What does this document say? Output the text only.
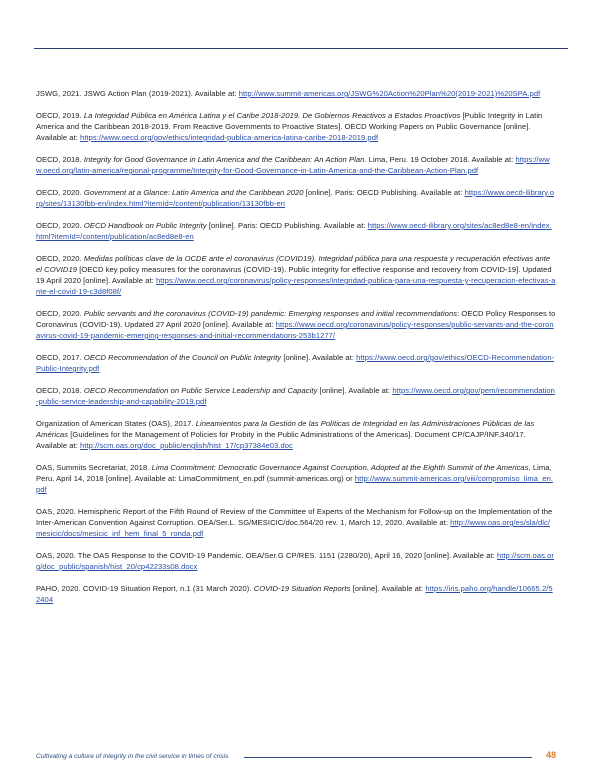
JSWG, 2021. JSWG Action Plan (2019-2021). Available at: http://www.summit-americas.org/JSWG%20Action%20Plan%20(2019-2021)%20SPA.pdf

OECD, 2019. La Integridad Pública en América Latina y el Caribe 2018-2019. De Gobiernos Reactivos a Estados Proactivos [Public Integrity in Latin America and the Caribbean 2018-2019. From Reactive Governments to Proactive States]. OECD Working Papers on Public Governance [online]. Available at: https://www.oecd.org/gov/ethics/integridad-publica-america-latina-caribe-2018-2019.pdf

OECD, 2018. Integrity for Good Governance in Latin America and the Caribbean: An Action Plan. Lima, Peru. 19 October 2018. Available at: https://www.oecd.org/latin-america/regional-programme/Integrity-for-Good-Governance-in-Latin-America-and-the-Caribbean-Action-Plan.pdf

OECD, 2020. Government at a Glance: Latin America and the Caribbean 2020 [online]. Paris: OECD Publishing. Available at: https://www.oecd-ilibrary.org/sites/13130fbb-en/index.html?itemId=/content/publication/13130fbb-en

OECD, 2020. OECD Handbook on Public Integrity [online]. Paris: OECD Publishing. Available at: https://www.oecd-ilibrary.org/sites/ac8ed8e8-en/index.html?itemId=/content/publication/ac8ed8e8-en

OECD, 2020. Medidas políticas clave de la OCDE ante el coronavirus (COVID19). Integridad pública para una respuesta y recuperación efectivas ante el COVID19 [OECD key policy measures for the coronavirus (COVID-19). Public integrity for effective response and recovery from COVID-19]. Updated 19 April 2020 [online]. Available at: https://www.oecd.org/coronavirus/policy-responses/integridad-publica-para-una-respuesta-y-recuperacion-efectivas-ante-el-covid-19-c3d8f08f/

OECD, 2020. Public servants and the coronavirus (COVID-19) pandemic: Emerging responses and initial recommendations: OECD Policy Responses to Coronavirus (COVID-19). Updated 27 April 2020 [online]. Available at: https://www.oecd.org/coronavirus/policy-responses/public-servants-and-the-coronavirus-covid-19-pandemic-emerging-responses-and-initial-recommendations-253b1277/

OECD, 2017. OECD Recommendation of the Council on Public Integrity [online]. Available at: https://www.oecd.org/gov/ethics/OECD-Recommendation-Public-Integrity.pdf

OECD, 2018. OECD Recommendation on Public Service Leadership and Capacity [online]. Available at: https://www.oecd.org/gov/pem/recommendation-public-service-leadership-and-capability-2019.pdf

Organization of American States (OAS), 2017. Lineamientos para la Gestión de las Políticas de Integridad en las Administraciones Públicas de las Américas [Guidelines for the Management of Policies for Probity in the Public Administrations of the Americas]. Document CP/CAJP/INF.340/17. Available at: http://scm.oas.org/doc_public/english/hist_17/cp37384e03.doc

OAS, Summits Secretariat, 2018. Lima Commitment: Democratic Governance Against Corruption. Adopted at the Eighth Summit of the Americas, Lima, Peru. April 14, 2018 [online]. Available at: LimaCommitment_en.pdf (summit-americas.org) or http://www.summit-americas.org/viii/compromiso_lima_en.pdf

OAS, 2020. Hemispheric Report of the Fifth Round of Review of the Committee of Experts of the Mechanism for Follow-up on the Implementation of the Inter-American Convention Against Corruption. OEA/Ser.L. SG/MESICIC/doc.564/20 rev. 1, March 12, 2020. Available at: http://www.oas.org/es/sla/dlc/mesicic/docs/mesicic_inf_hem_final_5_ronda.pdf

OAS, 2020. The OAS Response to the COVID-19 Pandemic. OEA/Ser.G CP/RES. 1151 (2280/20), April 16, 2020 [online]. Available at: http://scm.oas.org/doc_public/spanish/hist_20/cp42233s08.docx

PAHO, 2020. COVID-19 Situation Report, n.1 (31 March 2020). COVID-19 Situation Reports [online]. Available at: https://iris.paho.org/handle/10665.2/52404

Cultivating a culture of integrity in the civil service in times of crisis	48
